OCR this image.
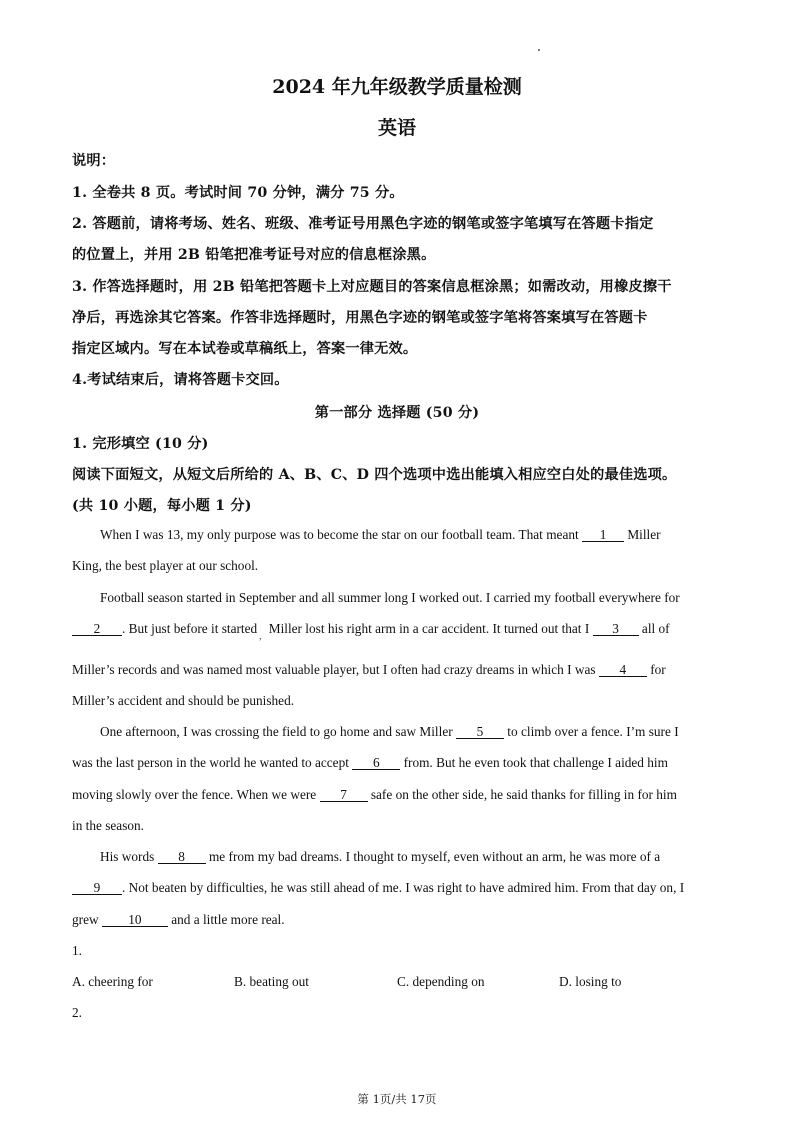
2024 年九年级教学质量检测
英语
说明：
1. 全卷共 8 页。考试时间 70 分钟，满分 75 分。
2. 答题前，请将考场、姓名、班级、准考证号用黑色字迹的钢笔或签字笔填写在答题卡指定
的位置上，并用 2B 铅笔把准考证号对应的信息框涂黑。
3. 作答选择题时，用 2B 铅笔把答题卡上对应题目的答案信息框涂黑；如需改动，用橡皮擦干
净后，再选涂其它答案。作答非选择题时，用黑色字迹的钢笔或签字笔将答案填写在答题卡
指定区域内。写在本试卷或草稿纸上，答案一律无效。
4.考试结束后，请将答题卡交回。
第一部分 选择题 (50 分)
1. 完形填空 (10 分)
阅读下面短文，从短文后所给的 A、B、C、D 四个选项中选出能填入相应空白处的最佳选项。
(共 10 小题，每小题 1 分)
When I was 13, my only purpose was to become the star on our football team. That meant 1 Miller
King, the best player at our school.
Football season started in September and all summer long I worked out. I carried my football everywhere for
2 . But just before it started $_,$ Miller lost his right arm in a car accident. It turned out that I 3 all of
Miller’s records and was named most valuable player, but I often had crazy dreams in which I was 4 for
Miller’s accident and should be punished.
One afternoon, I was crossing the field to go home and saw Miller 5 to climb over a fence. I’m sure I
was the last person in the world he wanted to accept 6 from. But he even took that challenge I aided him
moving slowly over the fence. When we were 7 safe on the other side, he said thanks for filling in for him
in the season.
His words 8 me from my bad dreams. I thought to myself, even without an arm, he was more of a
9 . Not beaten by difficulties, he was still ahead of me. I was right to have admired him. From that day on, I
grew 10 and a little more real.
1.
A. cheering for	B. beating out	C. depending on	D. losing to
2.
第 1页/共 17页
